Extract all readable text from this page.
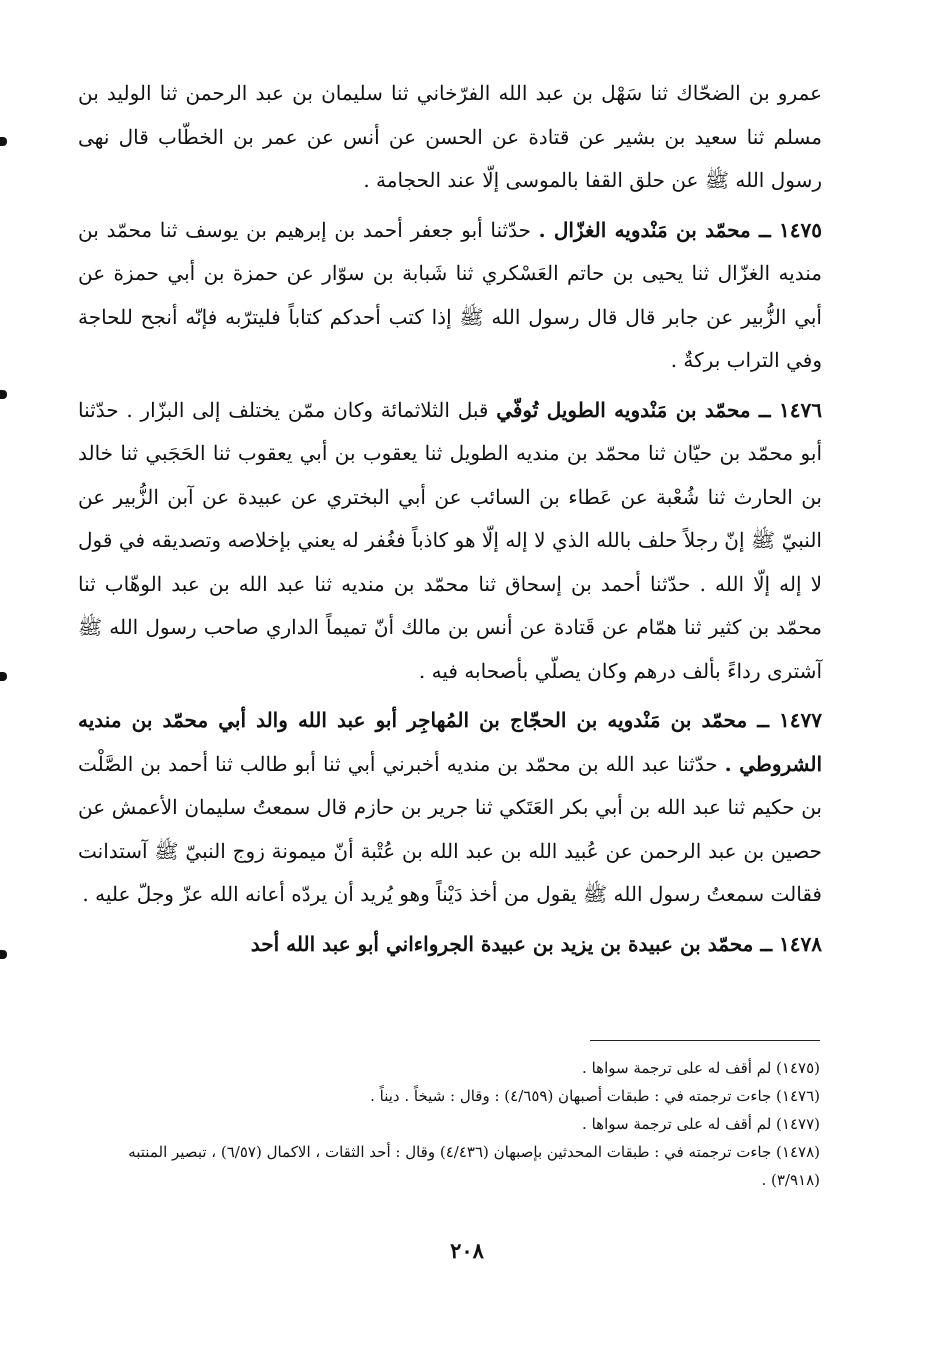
عمرو بن الضحّاك ثنا سَهْل بن عبد الله الفرّخاني ثنا سليمان بن عبد الرحمن ثنا الوليد بن مسلم ثنا سعيد بن بشير عن قتادة عن الحسن عن أنس عن عمر بن الخطّاب قال نهى رسول الله ﷺ عن حلق القفا بالموسى إلّا عند الحجامة .

١٤٧٥ ــ محمّد بن مَنْدويه الغزّال . حدّثنا أبو جعفر أحمد بن إبرهيم بن يوسف ثنا محمّد بن منديه الغزّال ثنا يحيى بن حاتم العَسْكري ثنا شَبابة بن سوّار عن حمزة بن أبي حمزة عن أبي الزُّبير عن جابر قال قال رسول الله ﷺ إذا كتب أحدكم كتاباً فليترّبه فإنّه أنجح للحاجة وفي التراب بركةٌ .

١٤٧٦ ــ محمّد بن مَنْدويه الطويل تُوفّي قبل الثلاثمائة وكان ممّن يختلف إلى البزّار . حدّثنا أبو محمّد بن حيّان ثنا محمّد بن منديه الطويل ثنا يعقوب بن أبي يعقوب ثنا الحَجَبي ثنا خالد بن الحارث ثنا شُعْبة عن عَطاء بن السائب عن أبي البختري عن عبيدة عن آبن الزُّبير عن النبيّ ﷺ إنّ رجلاً حلف بالله الذي لا إله إلّا هو كاذباً فغُفر له يعني بإخلاصه وتصديقه في قول لا إله إلّا الله . حدّثنا أحمد بن إسحاق ثنا محمّد بن منديه ثنا عبد الله بن عبد الوهّاب ثنا محمّد بن كثير ثنا همّام عن قَتادة عن أنس بن مالك أنّ تميماً الداري صاحب رسول الله ﷺ آشترى رداءً بألف درهم وكان يصلّي بأصحابه فيه .

١٤٧٧ ــ محمّد بن مَنْدويه بن الحجّاج بن المُهاجِر أبو عبد الله والد أبي محمّد بن منديه الشروطي . حدّثنا عبد الله بن محمّد بن منديه أخبرني أبي ثنا أبو طالب ثنا أحمد بن الصَّلْت بن حكيم ثنا عبد الله بن أبي بكر العَتَكي ثنا جرير بن حازم قال سمعتُ سليمان الأعمش عن حصين بن عبد الرحمن عن عُبيد الله بن عبد الله بن عُتْبة أنّ ميمونة زوج النبيّ ﷺ آستدانت فقالت سمعتُ رسول الله ﷺ يقول من أخذ دَيْناً وهو يُريد أن يردّه أعانه الله عزّ وجلّ عليه .

١٤٧٨ ــ محمّد بن عبيدة بن يزيد بن عبيدة الجرواءاني أبو عبد الله أحد

(١٤٧٥) لم أقف له على ترجمة سواها .

(١٤٧٦) جاءت ترجمته في : طبقات أصبهان (٤/٦٥٩) : وقال : شيخاً . ديناً .

(١٤٧٧) لم أقف له على ترجمة سواها .

(١٤٧٨) جاءت ترجمته في : طبقات المحدثين بإصبهان (٤/٤٣٦) وقال : أحد الثقات ، الاكمال (٦/٥٧) ، تبصير المنتبه (٣/٩١٨) .

٢٠٨
